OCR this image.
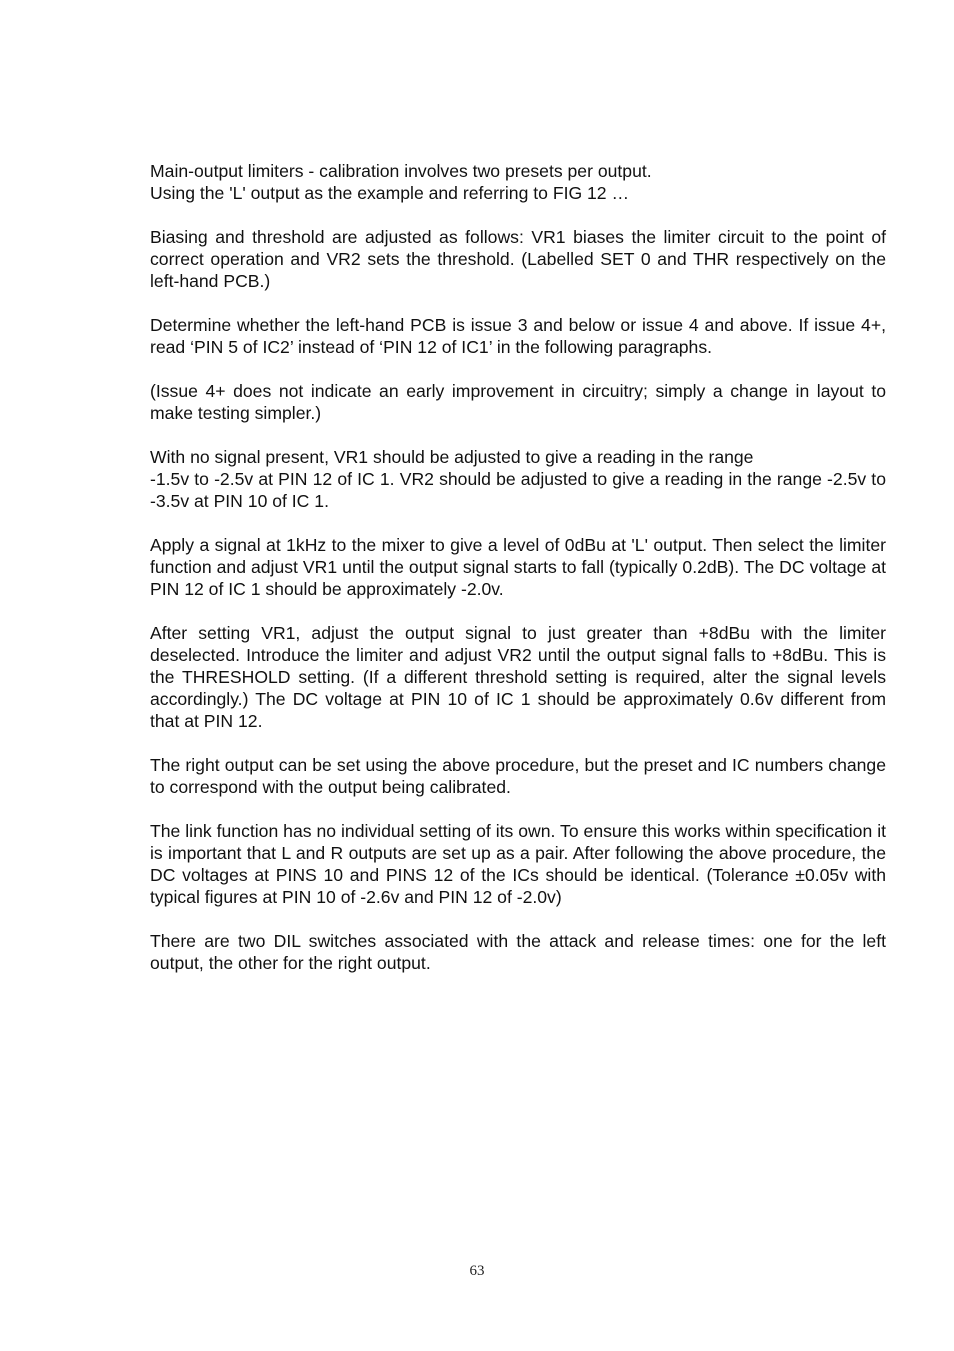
Main-output limiters - calibration involves two presets per output.
Using the 'L' output as the example and referring to FIG 12 …

Biasing and threshold are adjusted as follows: VR1 biases the limiter circuit to the point of correct operation and VR2 sets the threshold. (Labelled SET 0 and THR respectively on the left-hand PCB.)

Determine whether the left-hand PCB is issue 3 and below or issue 4 and above. If issue 4+, read ‘PIN 5 of IC2’ instead of ‘PIN 12 of IC1’ in the following paragraphs.

(Issue 4+ does not indicate an early improvement in circuitry; simply a change in layout to make testing simpler.)

With no signal present, VR1 should be adjusted to give a reading in the range
-1.5v to -2.5v at PIN 12 of IC 1. VR2 should be adjusted to give a reading in the range -2.5v to -3.5v at PIN 10 of IC 1.

Apply a signal at 1kHz to the mixer to give a level of 0dBu at 'L' output. Then select the limiter function and adjust VR1 until the output signal starts to fall (typically 0.2dB). The DC voltage at PIN 12 of IC 1 should be approximately -2.0v.

After setting VR1, adjust the output signal to just greater than +8dBu with the limiter deselected. Introduce the limiter and adjust VR2 until the output signal falls to +8dBu. This is the THRESHOLD setting. (If a different threshold setting is required, alter the signal levels accordingly.) The DC voltage at PIN 10 of IC 1 should be approximately 0.6v different from that at PIN 12.

The right output can be set using the above procedure, but the preset and IC numbers change to correspond with the output being calibrated.

The link function has no individual setting of its own. To ensure this works within specification it is important that L and R outputs are set up as a pair. After following the above procedure, the DC voltages at PINS 10 and PINS 12 of the ICs should be identical. (Tolerance ±0.05v with typical figures at PIN 10 of -2.6v and PIN 12 of -2.0v)

There are two DIL switches associated with the attack and release times: one for the left output, the other for the right output.

63
